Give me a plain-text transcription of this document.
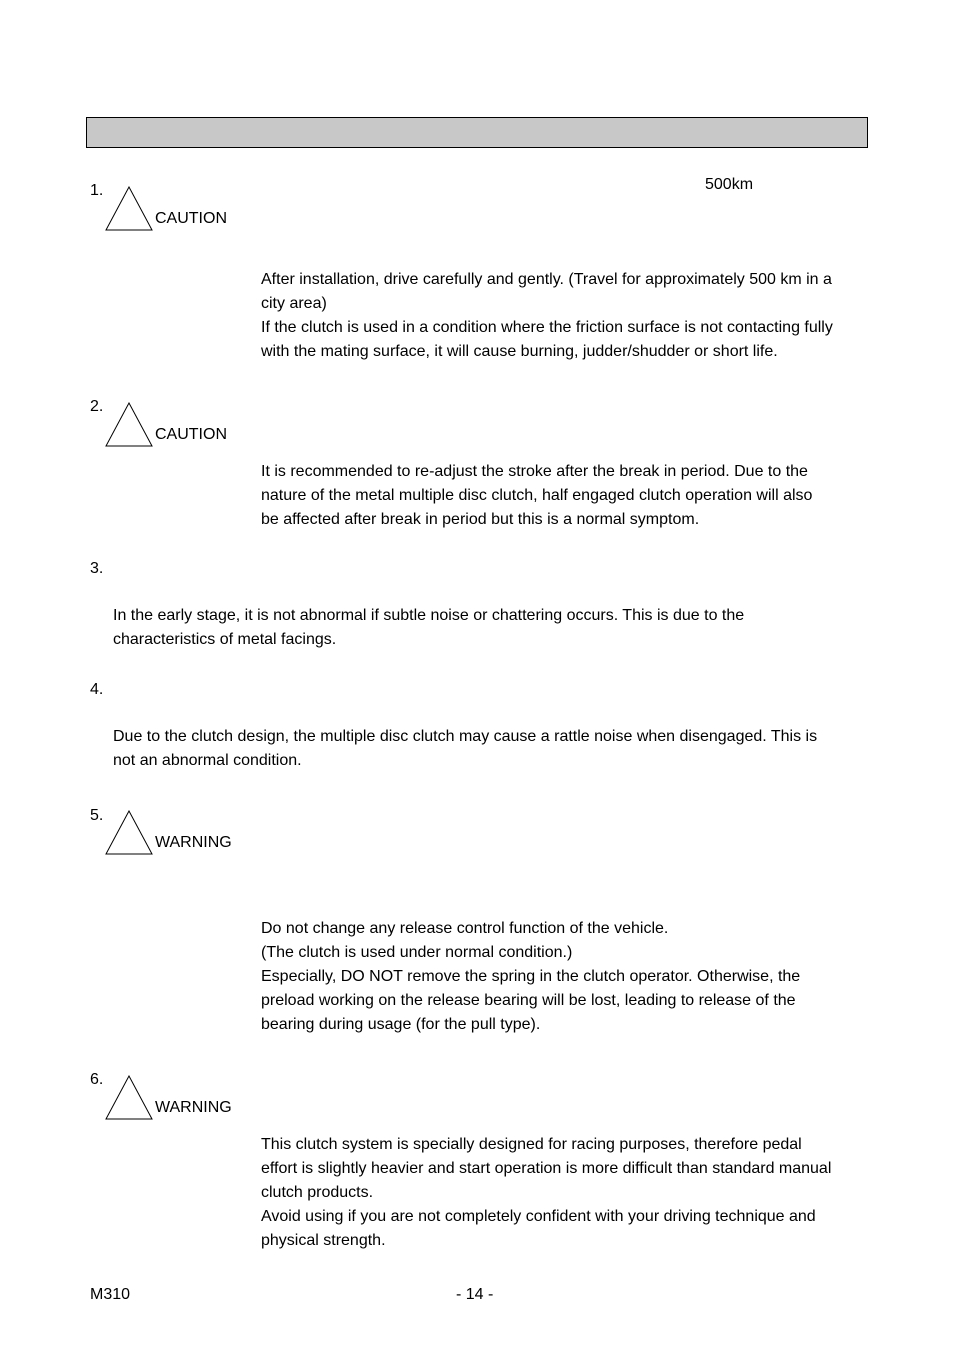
500km
1.
CAUTION
After installation, drive carefully and gently. (Travel for approximately 500 km in a
city area)
If the clutch is used in a condition where the friction surface is not contacting fully
with the mating surface, it will cause burning, judder/shudder or short life.
2.
CAUTION
It is recommended to re-adjust the stroke after the break in period. Due to the
nature of the metal multiple disc clutch, half engaged clutch operation will also
be affected after break in period but this is a normal symptom.
3.
In the early stage, it is not abnormal if subtle noise or chattering occurs. This is due to the
characteristics of metal facings.
4.
Due to the clutch design, the multiple disc clutch may cause a rattle noise when disengaged. This is
not an abnormal condition.
5.
WARNING
Do not change any release control function of the vehicle.
(The clutch is used under normal condition.)
Especially, DO NOT remove the spring in the clutch operator. Otherwise, the
preload working on the release bearing will be lost, leading to release of the
bearing during usage (for the pull type).
6.
WARNING
This clutch system is specially designed for racing purposes, therefore pedal
effort is slightly heavier and start operation is more difficult than standard manual
clutch products.
Avoid using if you are not completely confident with your driving technique and
physical strength.
M310	- 14 -
